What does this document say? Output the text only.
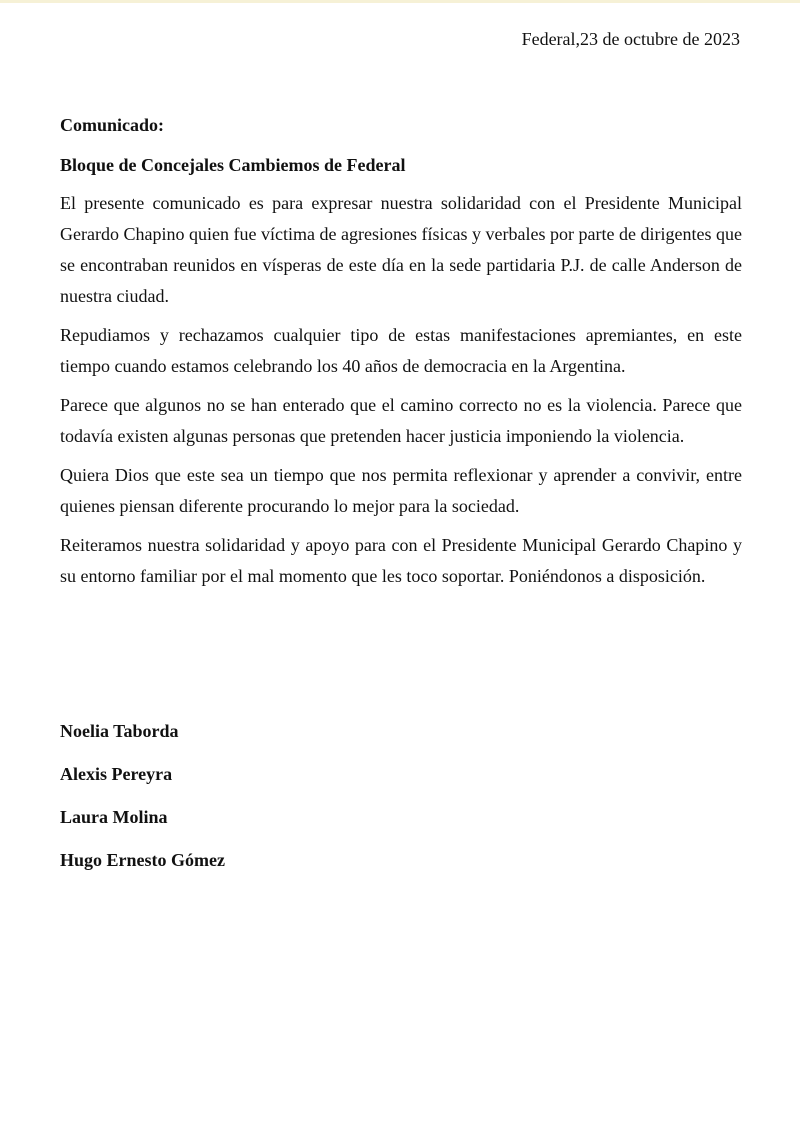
Federal,23 de octubre de 2023
Comunicado:
Bloque de Concejales Cambiemos de Federal

El presente comunicado es para expresar nuestra solidaridad con el Presidente Municipal Gerardo Chapino quien fue víctima de agresiones físicas y verbales por parte de dirigentes que se encontraban reunidos en vísperas de este día en la sede partidaria P.J. de calle Anderson de nuestra ciudad.

Repudiamos y rechazamos cualquier tipo de estas manifestaciones apremiantes, en este tiempo cuando estamos celebrando los 40 años de democracia en la Argentina.

Parece que algunos no se han enterado que el camino correcto no es la violencia. Parece que todavía existen algunas personas que pretenden hacer justicia imponiendo la violencia.

Quiera Dios que este sea un tiempo que nos permita reflexionar y aprender a convivir, entre quienes piensan diferente procurando lo mejor para la sociedad.

Reiteramos nuestra solidaridad y apoyo para con el Presidente Municipal Gerardo Chapino y su entorno familiar por el mal momento que les toco soportar. Poniéndonos a disposición.

Noelia Taborda
Alexis Pereyra
Laura Molina
Hugo Ernesto Gómez
